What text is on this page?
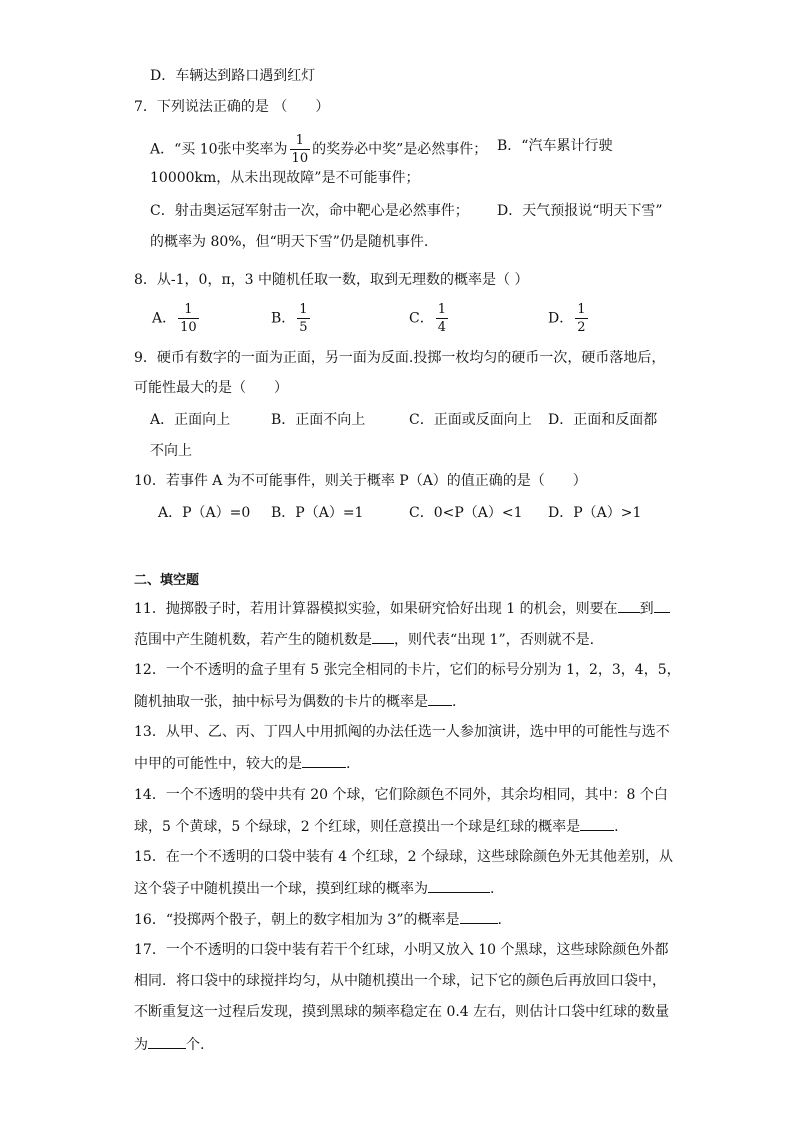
D．车辆达到路口遇到红灯
7．下列说法正确的是 （　　）
A．“买 10张中奖率为 $\frac{1}{10}$ 的奖券必中奖”是必然事件； B．“汽车累计行驶
10000km，从未出现故障”是不可能事件；
C．射击奥运冠军射击一次，命中靶心是必然事件； D．天气预报说“明天下雪”
的概率为 80%，但“明天下雪”仍是随机事件.
8．从-1，0，π，3 中随机任取一数，取到无理数的概率是（ ）
A． $\frac{1}{10}$	B． $\frac{1}{5}$	C． $\frac{1}{4}$	D． $\frac{1}{2}$
9．硬币有数字的一面为正面，另一面为反面.投掷一枚均匀的硬币一次，硬币落地后，
可能性最大的是（　　）
A．正面向上	B．正面不向上	C．正面或反面向上 D．正面和反面都
不向上
10．若事件 A 为不可能事件，则关于概率 P（A）的值正确的是（　　）
A．P（A）=0 B．P（A）=1	C．0<P（A）<1 D．P（A）>1
二、填空题
11．抛掷骰子时，若用计算器模拟实验，如果研究恰好出现 1 的机会，则要在 到
范围中产生随机数，若产生的随机数是 ，则代表“出现 1”，否则就不是.
12．一个不透明的盒子里有 5 张完全相同的卡片，它们的标号分别为 1，2，3，4，5，
随机抽取一张，抽中标号为偶数的卡片的概率是 .
13．从甲、乙、丙、丁四人中用抓阄的办法任选一人参加演讲，选中甲的可能性与选不
中甲的可能性中，较大的是	.
14．一个不透明的袋中共有 20 个球，它们除颜色不同外，其余均相同，其中：8 个白
球，5 个黄球，5 个绿球，2 个红球，则任意摸出一个球是红球的概率是 .
15．在一个不透明的口袋中装有 4 个红球，2 个绿球，这些球除颜色外无其他差别，从
这个袋子中随机摸出一个球，摸到红球的概率为	.
16．“投掷两个骰子，朝上的数字相加为 3”的概率是	.
17．一个不透明的口袋中装有若干个红球，小明又放入 10 个黑球，这些球除颜色外都
相同．将口袋中的球搅拌均匀，从中随机摸出一个球，记下它的颜色后再放回口袋中，
不断重复这一过程后发现，摸到黑球的频率稳定在 0.4 左右，则估计口袋中红球的数量
为	个.
